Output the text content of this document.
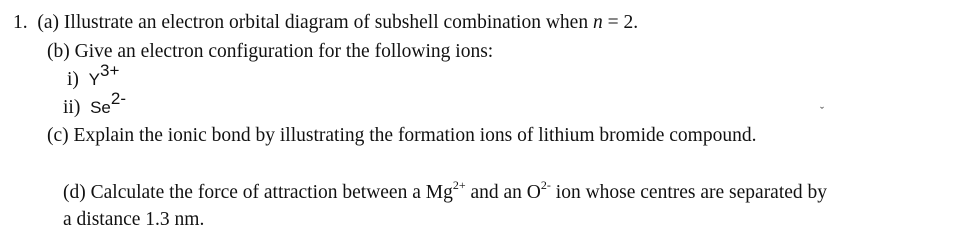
1. (a) Illustrate an electron orbital diagram of subshell combination when n = 2.
(b) Give an electron configuration for the following ions:
i) Y3+
ii) Se2-
ˇ
(c) Explain the ionic bond by illustrating the formation ions of lithium bromide compound.
(d) Calculate the force of attraction between a $Mg^{2+}$ and an $O^{2-}$ ion whose centres are separated by
a distance 1.3 nm.
